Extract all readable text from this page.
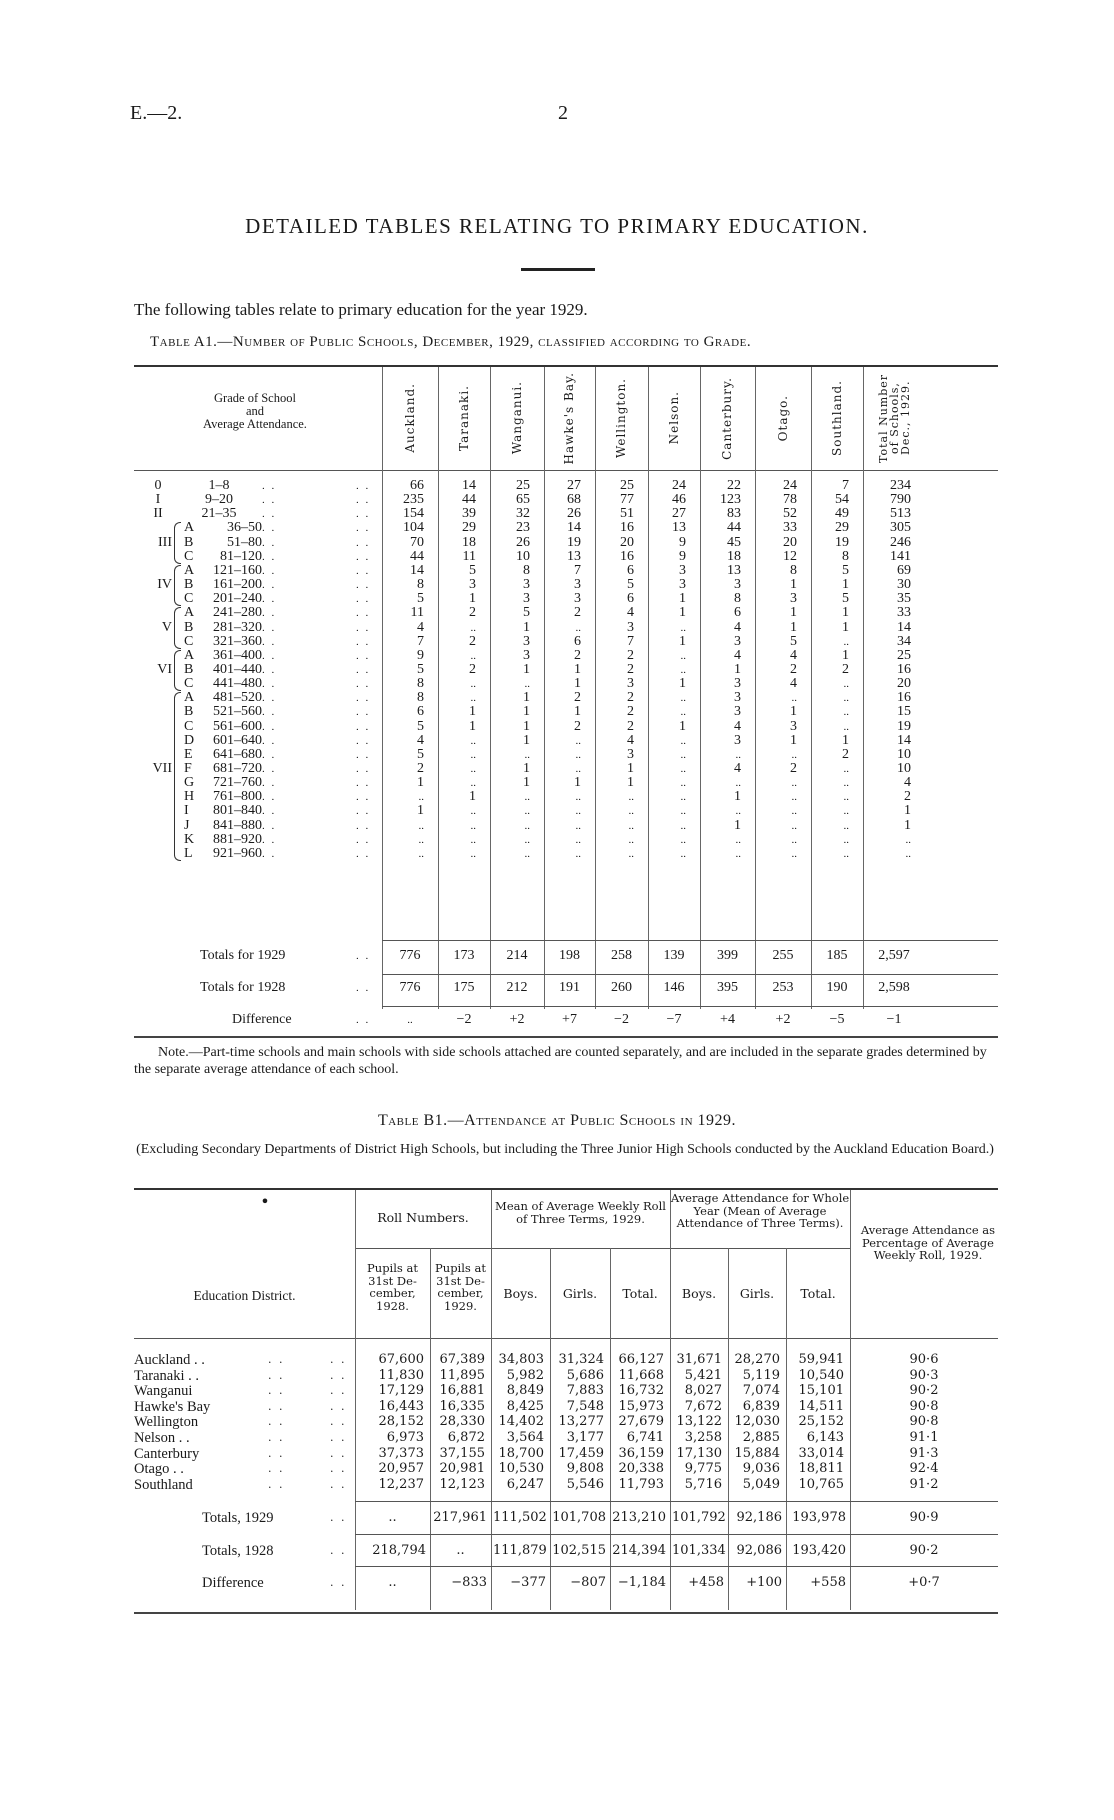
E.—2.	2
DETAILED TABLES RELATING TO PRIMARY EDUCATION.
The following tables relate to primary education for the year 1929.
Table A1.—Number of Public Schools, December, 1929, classified according to Grade.
Grade of School
and
Average Attendance.	Auckland.	Taranaki.	Wanganui.	Hawke's Bay.	Wellington.	Nelson.	Canterbury.	Otago.	Southland.	Total Number of Schools, Dec., 1929.
0	1–8	. .	. .	66	14	25	27	25	24	22	24	7	234
I	9–20	. .	. .	235	44	65	68	77	46	123	78	54	790
II	21–35	. .	. .	154	39	32	26	51	27	83	52	49	513
A	36–50 . .	. .	104	29	23	14	16	13	44	33	29	305
III B	51–80 . .	. .	70	18	26	19	20	9	45	20	19	246
C	81–120 . .	. .	44	11	10	13	16	9	18	12	8	141
A	121–160 . .	. .	14	5	8	7	6	3	13	8	5	69
IV B	161–200 . .	. .	8	3	3	3	5	3	3	1	1	30
C	201–240 . .	. .	5	1	3	3	6	1	8	3	5	35
A	241–280 . .	. .	11	2	5	2	4	1	6	1	1	33
V B	281–320 . .	. .	4	..	1	..	3	..	4	1	1	14
C	321–360 . .	. .	7	2	3	6	7	1	3	5	..	34
A	361–400 . .	. .	9	..	3	2	2	..	4	4	1	25
VI B	401–440 . .	. .	5	2	1	1	2	..	1	2	2	16
C	441–480 . .	. .	8	..	..	1	3	1	3	4	..	20
A	481–520 . .	. .	8	..	1	2	2	..	3	..	..	16
B	521–560 . .	. .	6	1	1	1	2	..	3	1	..	15
C	561–600 . .	. .	5	1	1	2	2	1	4	3	..	19
D	601–640 . .	. .	4	..	1	..	4	..	3	1	1	14
E	641–680 . .	. .	5	..	..	..	3	..	..	..	2	10
VII F	681–720 . .	. .	2	..	1	..	1	..	4	2	..	10
G	721–760 . .	. .	1	..	1	1	1	..	..	..	..	4
H	761–800 . .	. .	..	1	..	..	..	..	1	..	..	2
I	801–840 . .	. .	1	..	..	..	..	..	..	..	..	1
J	841–880 . .	. .	..	..	..	..	..	..	1	..	..	1
K	881–920 . .	. .	..	..	..	..	..	..	..	..	..	..
L	921–960 . .	. .	..	..	..	..	..	..	..	..	..	..
Totals for 1929	. .	776	173	214	198	258	139	399	255	185	2,597
Totals for 1928	. .	776	175	212	191	260	146	395	253	190	2,598
Difference	. .	..	−2	+2	+7	−2	−7	+4	+2	−5	−1
Note.—Part-time schools and main schools with side schools attached are counted separately, and are included in the separate grades determined by the separate average attendance of each school.
Table B1.—Attendance at Public Schools in 1929.
(Excluding Secondary Departments of District High Schools, but including the Three Junior High Schools conducted by the Auckland Education Board.)
Education District.
•
Roll Numbers.
Mean of Average Weekly Roll of Three Terms, 1929.
Average Attendance for Whole Year (Mean of Average Attendance of Three Terms).	Average Attendance as Percentage of Average Weekly Roll, 1929.
Pupils at 31st De- cember, 1928.
Pupils at 31st De- cember, 1929.
Boys.	Girls.	Total.	Boys.	Girls.	Total.
Auckland . .	. .	. .	67,600	67,389	34,803	31,324	66,127 31,671 28,270	59,941	90·6
Taranaki . .	. .	. .	11,830	11,895	5,982	5,686	11,668	5,421	5,119	10,540	90·3
Wanganui	. .	. .	17,129	16,881	8,849	7,883	16,732	8,027	7,074	15,101	90·2
Hawke's Bay	. .	. .	16,443	16,335	8,425	7,548	15,973	7,672	6,839	14,511	90·8
Wellington	. .	. .	28,152	28,330	14,402	13,277	27,679 13,122 12,030	25,152	90·8
Nelson . .	. .	. .	6,973	6,872	3,564	3,177	6,741	3,258	2,885	6,143	91·1
Canterbury	. .	. .	37,373	37,155	18,700	17,459	36,159 17,130 15,884	33,014	91·3
Otago . .	. .	. .	20,957	20,981	10,530	9,808	20,338	9,775	9,036	18,811	92·4
Southland	. .	. .	12,237	12,123	6,247	5,546	11,793	5,716	5,049	10,765	91·2
Totals, 1929	. .	..	217,961 111,502 101,708 213,210 101,792 92,186 193,978	90·9
Totals, 1928	. .	218,794	..	111,879 102,515 214,394 101,334 92,086 193,420	90·2
Difference	. .	..	−833	−377	−807 −1,184	+458	+100	+558	+0·7
